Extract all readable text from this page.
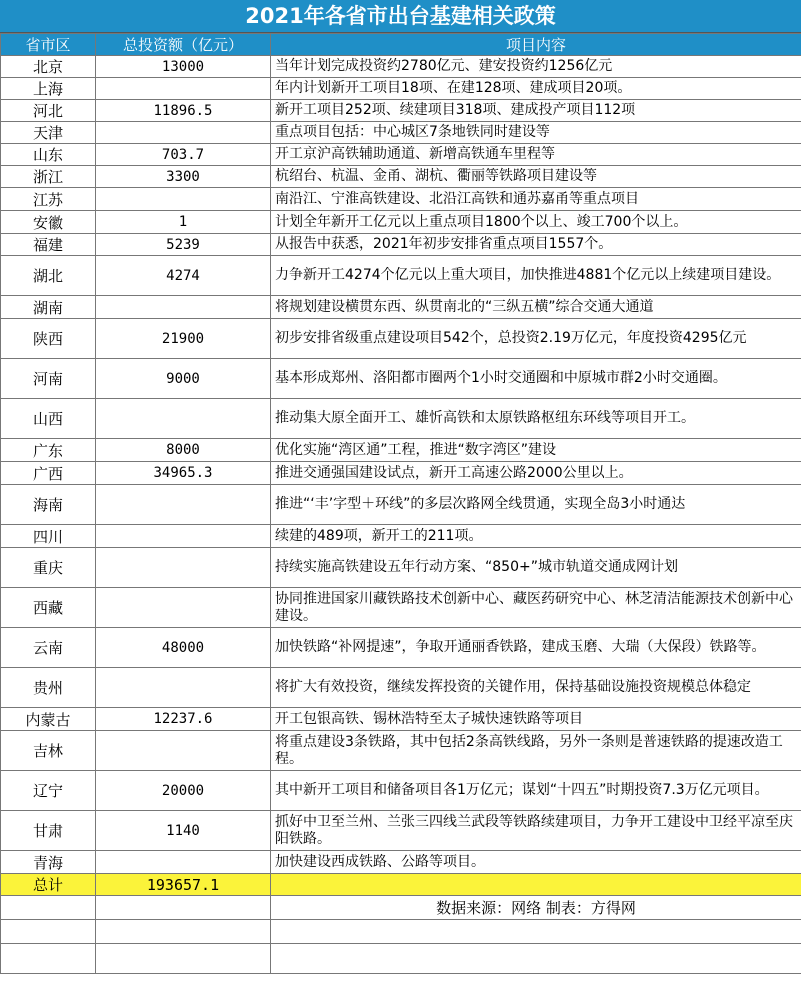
2021年各省市出台基建相关政策
省市区	总投资额（亿元）	项目内容
北京	13000	当年计划完成投资约2780亿元、建安投资约1256亿元
上海		年内计划新开工项目18项、在建128项、建成项目20项。
河北	11896.5	新开工项目252项、续建项目318项、建成投产项目112项
天津		重点项目包括：中心城区7条地铁同时建设等
山东	703.7	开工京沪高铁辅助通道、新增高铁通车里程等
浙江	3300	杭绍台、杭温、金甬、湖杭、衢丽等铁路项目建设等
江苏		南沿江、宁淮高铁建设、北沿江高铁和通苏嘉甬等重点项目
安徽	1	计划全年新开工亿元以上重点项目1800个以上、竣工700个以上。
福建	5239	从报告中获悉，2021年初步安排省重点项目1557个。
湖北	4274	力争新开工4274个亿元以上重大项目，加快推进4881个亿元以上续建项目建设。
湖南		将规划建设横贯东西、纵贯南北的“三纵五横”综合交通大通道
陕西	21900	初步安排省级重点建设项目542个，总投资2.19万亿元，年度投资4295亿元
河南	9000	基本形成郑州、洛阳都市圈两个1小时交通圈和中原城市群2小时交通圈。
山西		推动集大原全面开工、雄忻高铁和太原铁路枢纽东环线等项目开工。
广东	8000	优化实施“湾区通”工程，推进“数字湾区”建设
广西	34965.3	推进交通强国建设试点，新开工高速公路2000公里以上。
海南		推进“‘丰’字型＋环线”的多层次路网全线贯通，实现全岛3小时通达
四川		续建的489项，新开工的211项。
重庆		持续实施高铁建设五年行动方案、“850+”城市轨道交通成网计划
西藏		协同推进国家川藏铁路技术创新中心、藏医药研究中心、林芝清洁能源技术创新中心建设。
云南	48000	加快铁路“补网提速”，争取开通丽香铁路，建成玉磨、大瑞（大保段）铁路等。
贵州		将扩大有效投资，继续发挥投资的关键作用，保持基础设施投资规模总体稳定
内蒙古	12237.6	开工包银高铁、锡林浩特至太子城快速铁路等项目
吉林		将重点建设3条铁路，其中包括2条高铁线路，另外一条则是普速铁路的提速改造工程。
辽宁	20000	其中新开工项目和储备项目各1万亿元；谋划“十四五”时期投资7.3万亿元项目。
甘肃	1140	抓好中卫至兰州、兰张三四线兰武段等铁路续建项目，力争开工建设中卫经平凉至庆阳铁路。
青海		加快建设西成铁路、公路等项目。
总计	193657.1	
		数据来源：网络 制表：方得网
